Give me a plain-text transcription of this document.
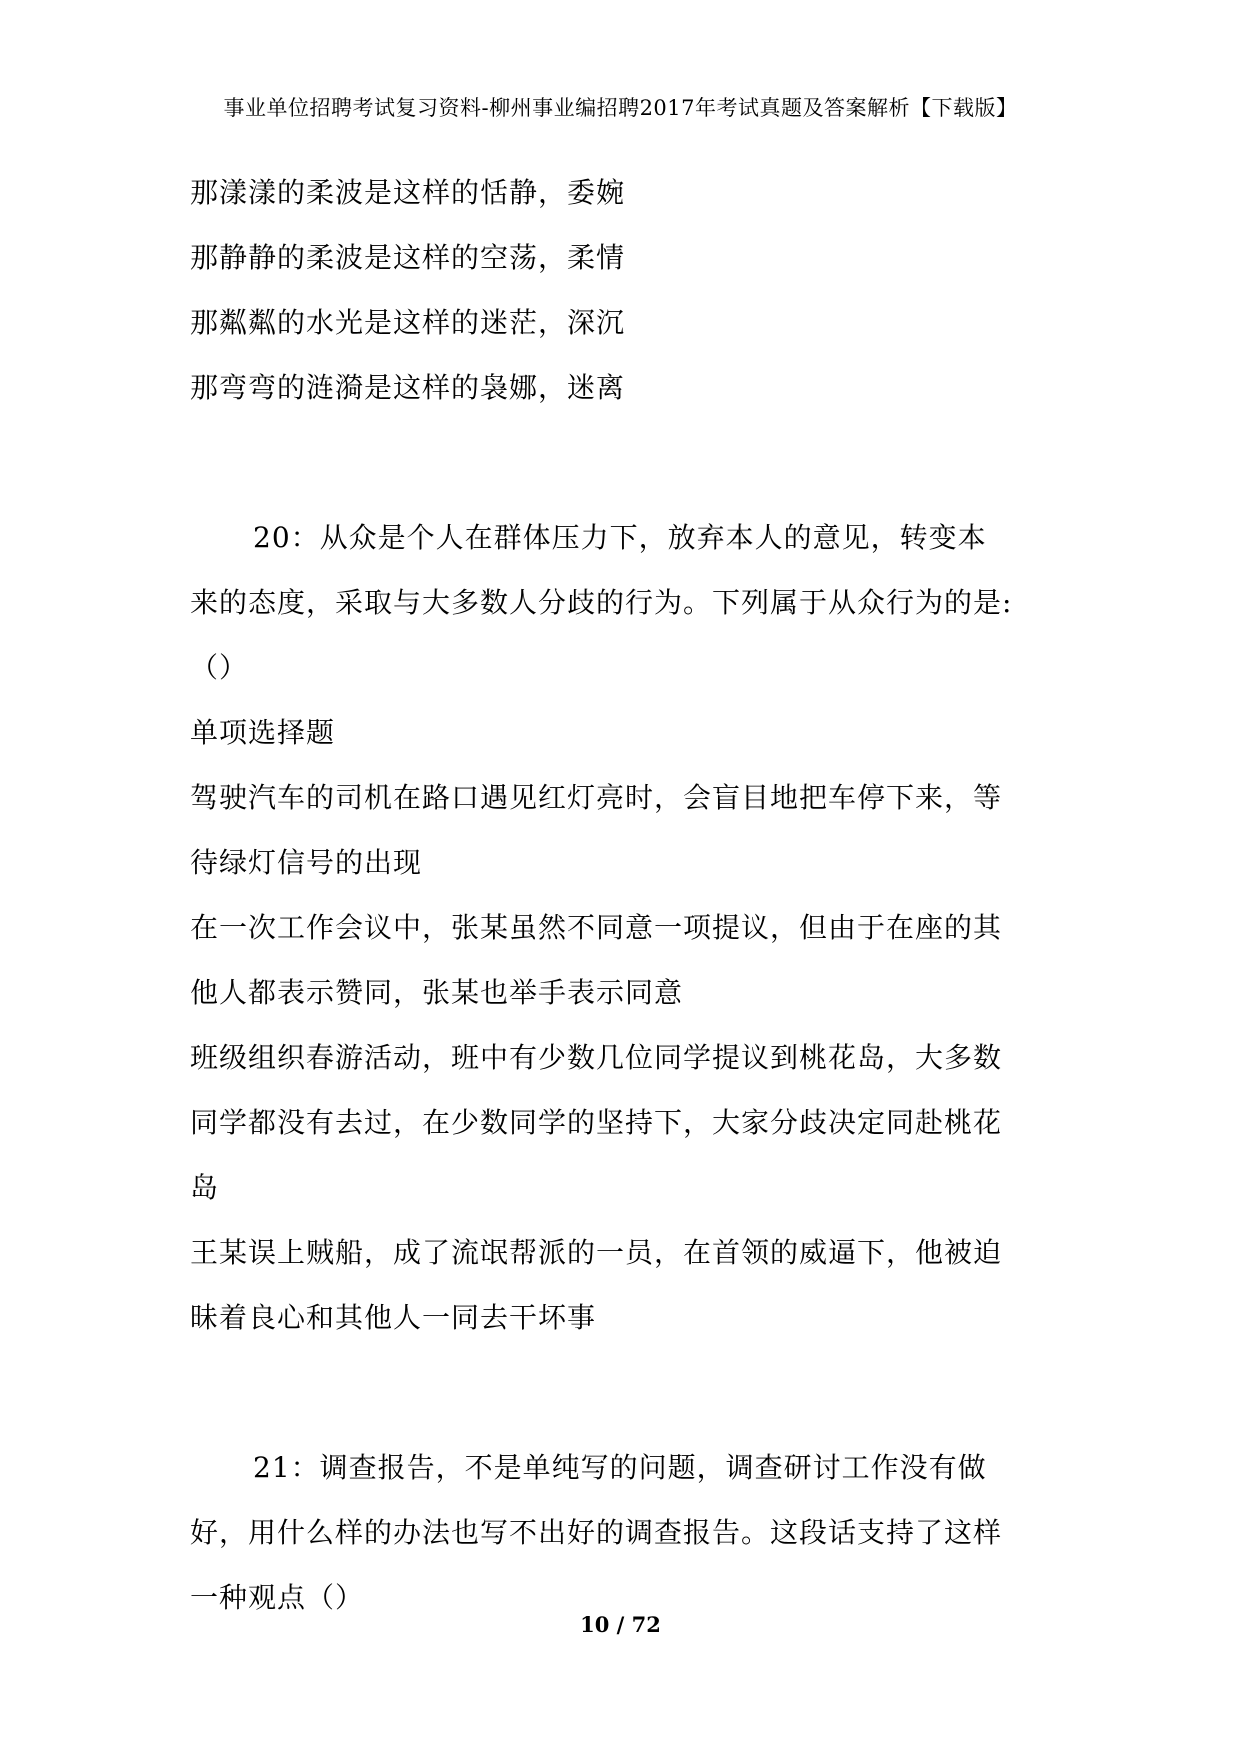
事业单位招聘考试复习资料-柳州事业编招聘2017年考试真题及答案解析【下载版】
那漾漾的柔波是这样的恬静，委婉
那静静的柔波是这样的空荡，柔情
那粼粼的水光是这样的迷茫，深沉
那弯弯的涟漪是这样的袅娜，迷离
20：从众是个人在群体压力下，放弃本人的意见，转变本
来的态度，采取与大多数人分歧的行为。下列属于从众行为的是:
（）
单项选择题
驾驶汽车的司机在路口遇见红灯亮时，会盲目地把车停下来，等
待绿灯信号的出现
在一次工作会议中，张某虽然不同意一项提议，但由于在座的其
他人都表示赞同，张某也举手表示同意
班级组织春游活动，班中有少数几位同学提议到桃花岛，大多数
同学都没有去过，在少数同学的坚持下，大家分歧决定同赴桃花
岛
王某误上贼船，成了流氓帮派的一员，在首领的威逼下，他被迫
昧着良心和其他人一同去干坏事
21：调查报告，不是单纯写的问题，调查研讨工作没有做
好，用什么样的办法也写不出好的调查报告。这段话支持了这样
一种观点（）
10 / 72
